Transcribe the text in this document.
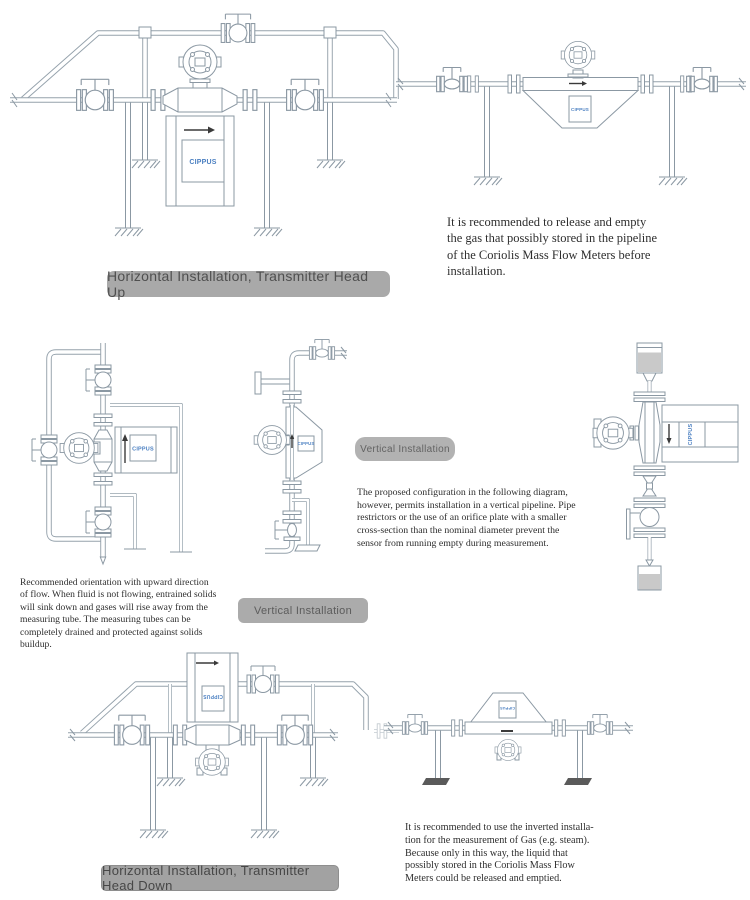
CIPPUS
CIPPUS
It is recommended to release and empty
the gas that possibly stored in the pipeline
of the Coriolis Mass Flow Meters before
installation.
Horizontal Installation, Transmitter Head Up
CIPPUS
Recommended orientation with upward direction
of flow. When fluid is not flowing, entrained solids
will sink down and gases will rise away from the
measuring tube. The measuring tubes can be
completely drained and protected against solids
buildup.
CIPPUS	Vertical Installation
Vertical Installation
The proposed configuration in the following diagram,
however, permits installation in a vertical pipeline. Pipe
restrictors or the use of an orifice plate with a smaller
cross-section than the nominal diameter prevent the
sensor from running empty during measurement.
CIPPUS
CIPPUS
Horizontal Installation, Transmitter Head Down
CIPPUS
It is recommended to use the inverted installa-
tion for the measurement of Gas (e.g. steam).
Because only in this way, the liquid that
possibly stored in the Coriolis Mass Flow
Meters could be released and emptied.
